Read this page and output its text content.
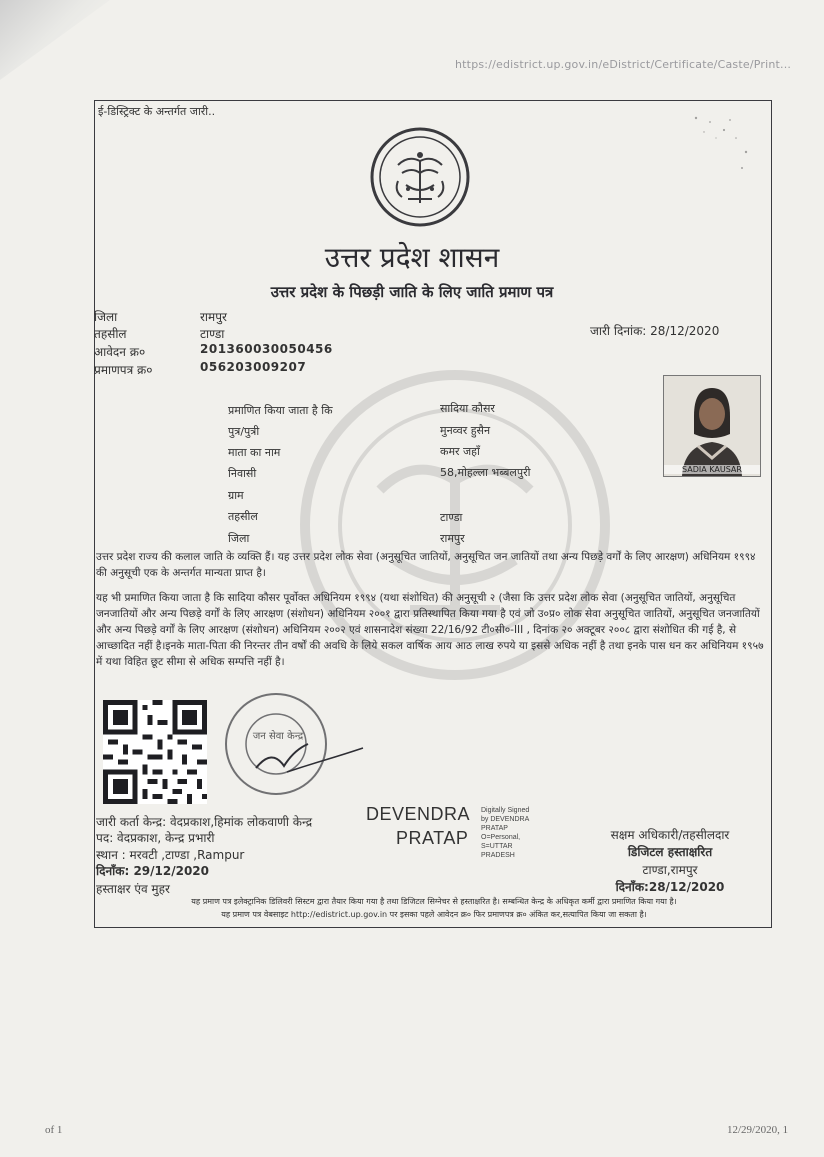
https://edistrict.up.gov.in/eDistrict/Certificate/Caste/Print...
ई-डिस्ट्रिक्ट के अन्तर्गत जारी..
उत्तर प्रदेश शासन
उत्तर प्रदेश के पिछड़ी जाति के लिए जाति प्रमाण पत्र
जिला	रामपुर
तहसील	टाण्डा
आवेदन क्र०	201360030050456
प्रमाणपत्र क्र०	056203009207
जारी दिनांक: 28/12/2020
SADIA KAUSAR
प्रमाणित किया जाता है कि	सादिया कौसर
पुत्र/पुत्री	मुनव्वर हुसैन
माता का नाम	कमर जहाँ
निवासी	58,मोहल्ला भब्बलपुरी
ग्राम
तहसील	टाण्डा
जिला	रामपुर

उत्तर प्रदेश राज्य की कलाल जाति के व्यक्ति हैं। यह उत्तर प्रदेश लोक सेवा (अनुसूचित जातियों, अनुसूचित जन जातियों तथा अन्य पिछड़े वर्गों के लिए आरक्षण) अधिनियम १९९४ की अनुसूची एक के अन्तर्गत मान्यता प्राप्त है।

यह भी प्रमाणित किया जाता है कि सादिया कौसर पूर्वोक्त अधिनियम १९९४ (यथा संशोधित) की अनुसूची २ (जैसा कि उत्तर प्रदेश लोक सेवा (अनुसूचित जातियों, अनुसूचित जनजातियों और अन्य पिछड़े वर्गों के लिए आरक्षण (संशोधन) अधिनियम २००१ द्वारा प्रतिस्थापित किया गया है एवं जो उ०प्र० लोक सेवा अनुसूचित जातियों, अनुसूचित जनजातियों और अन्य पिछड़े वर्गों के लिए आरक्षण (संशोधन) अधिनियम २००२ एवं शासनादेश संख्या 22/16/92 टी०सी०-III , दिनांक २० अक्टूबर २००८ द्वारा संशोधित की गई है, से आच्छादित नहीं है।इनके माता-पिता की निरन्तर तीन वर्षों की अवधि के लिये सकल वार्षिक आय आठ लाख रुपये या इससे अधिक नहीं है तथा इनके पास धन कर अधिनियम १९५७ में यथा विहित छूट सीमा से अधिक सम्पत्ति नहीं है।

जन सेवा केन्द्र
जारी कर्ता केन्द्र: वेदप्रकाश,हिमांक लोकवाणी केन्द्र
पद: वेदप्रकाश, केन्द्र प्रभारी
स्थान : मरवटी ,टाण्डा ,Rampur
दिनाँक: 29/12/2020
हस्ताक्षर एंव मुहर
DEVENDRA
PRATAP
Digitally Signed
by DEVENDRA
PRATAP
O=Personal,
S=UTTAR
PRADESH
सक्षम अधिकारी/तहसीलदार
डिजिटल हस्ताक्षरित
टाण्डा,रामपुर
दिनाँक:28/12/2020
यह प्रमाण पत्र इलेक्ट्रानिक डिलिवरी सिस्टम द्वारा तैयार किया गया है तथा डिजिटल सिग्नेचर से हस्ताक्षरित है। सम्बन्धित केन्द्र के अधिकृत कर्मी द्वारा प्रमाणित किया गया है।
यह प्रमाण पत्र वेबसाइट http://edistrict.up.gov.in पर इसका पहले आवेदन क्र० फिर प्रमाणपत्र क्र० अंकित कर,सत्यापित किया जा सकता है।
of 1	12/29/2020, 1
